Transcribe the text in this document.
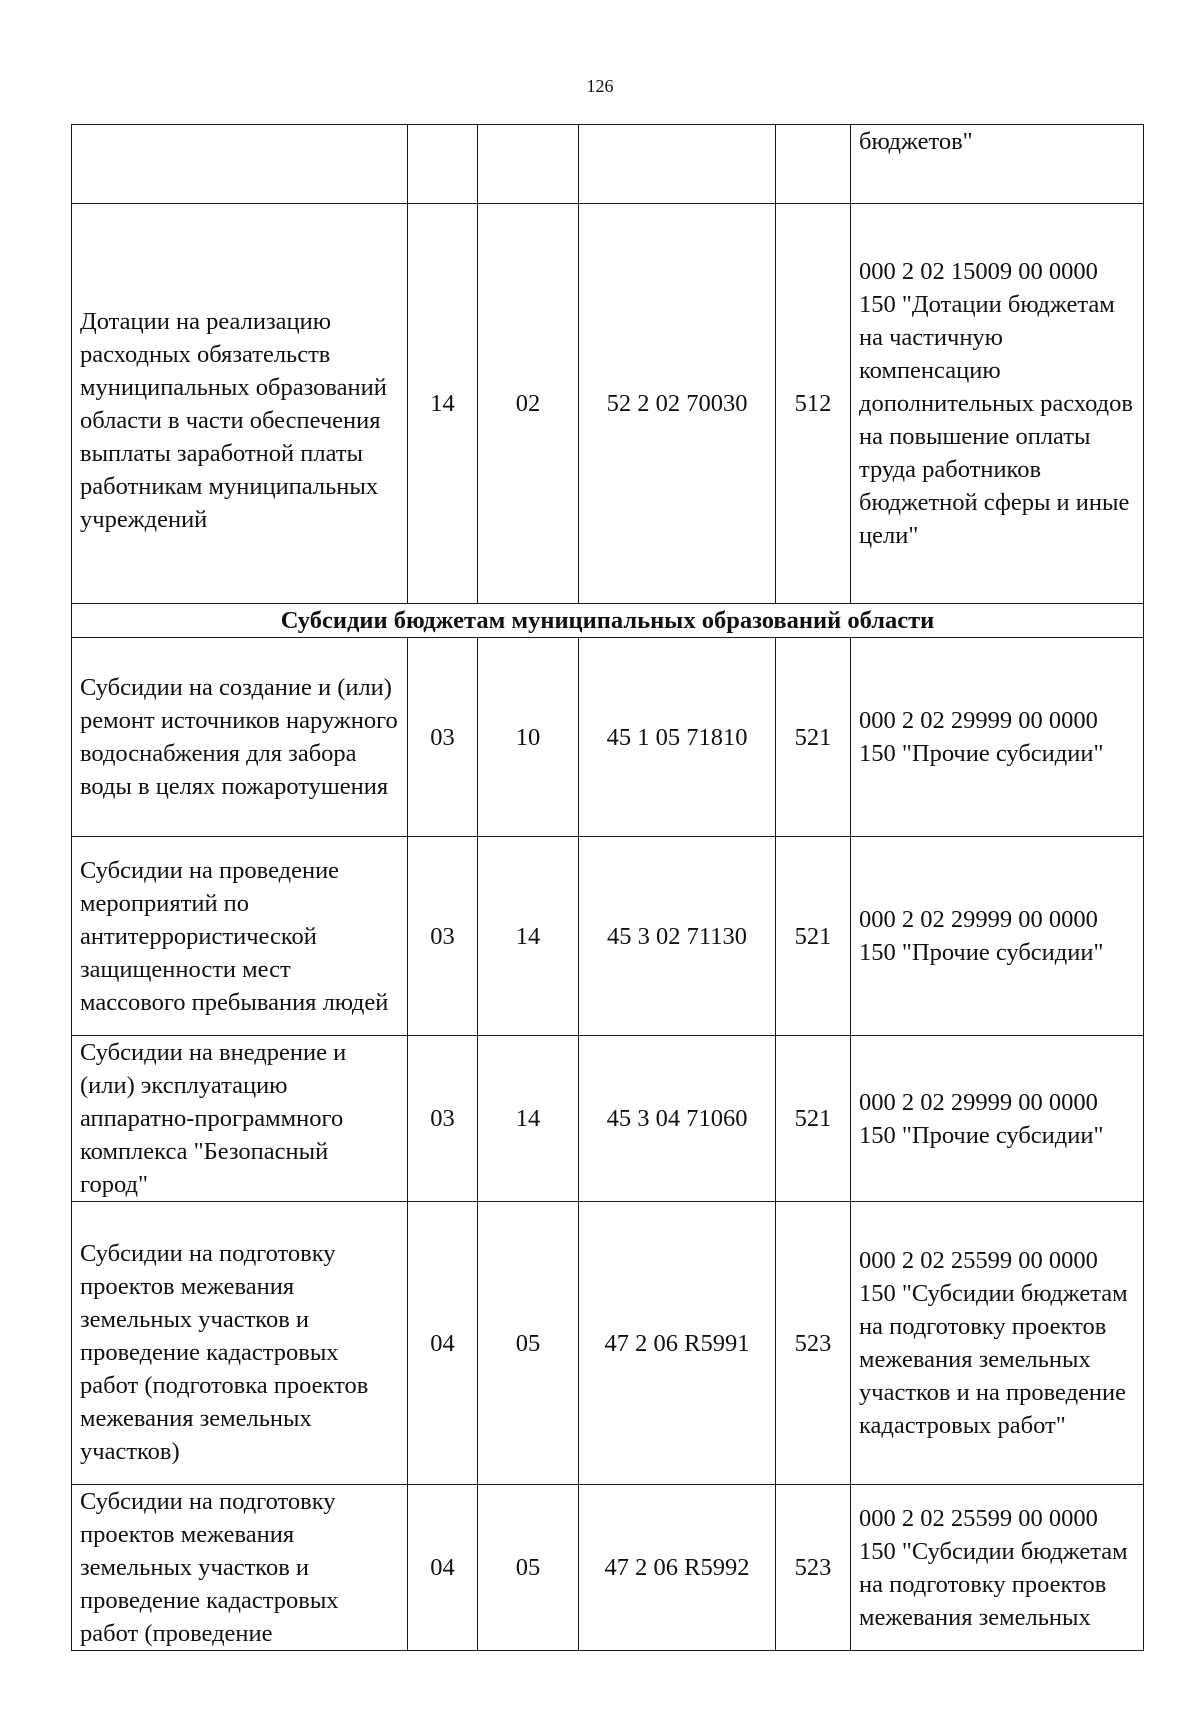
126
					бюджетов"
Дотации на реализацию расходных обязательств муниципальных образований области в части обеспечения выплаты заработной платы работникам муниципальных учреждений	14	02	52 2 02 70030	512	000 2 02 15009 00 0000 150 "Дотации бюджетам на частичную компенсацию дополнительных расходов на повышение оплаты труда работников бюджетной сферы и иные цели"
Субсидии бюджетам муниципальных образований области					
Субсидии на создание и (или) ремонт источников наружного водоснабжения для забора воды в целях пожаротушения	03	10	45 1 05 71810	521	000 2 02 29999 00 0000 150 "Прочие субсидии"
Субсидии на проведение мероприятий по антитеррористической защищенности мест массового пребывания людей	03	14	45 3 02 71130	521	000 2 02 29999 00 0000 150 "Прочие субсидии"
Субсидии на внедрение и (или) эксплуатацию аппаратно-программного комплекса "Безопасный город"	03	14	45 3 04 71060	521	000 2 02 29999 00 0000 150 "Прочие субсидии"
Субсидии на подготовку проектов межевания земельных участков и проведение кадастровых работ (подготовка проектов межевания земельных участков)	04	05	47 2 06 R5991	523	000 2 02 25599 00 0000 150 "Субсидии бюджетам на подготовку проектов межевания земельных участков и на проведение кадастровых работ"
Субсидии на подготовку проектов межевания земельных участков и проведение кадастровых работ (проведение	04	05	47 2 06 R5992	523	000 2 02 25599 00 0000 150 "Субсидии бюджетам на подготовку проектов межевания земельных
